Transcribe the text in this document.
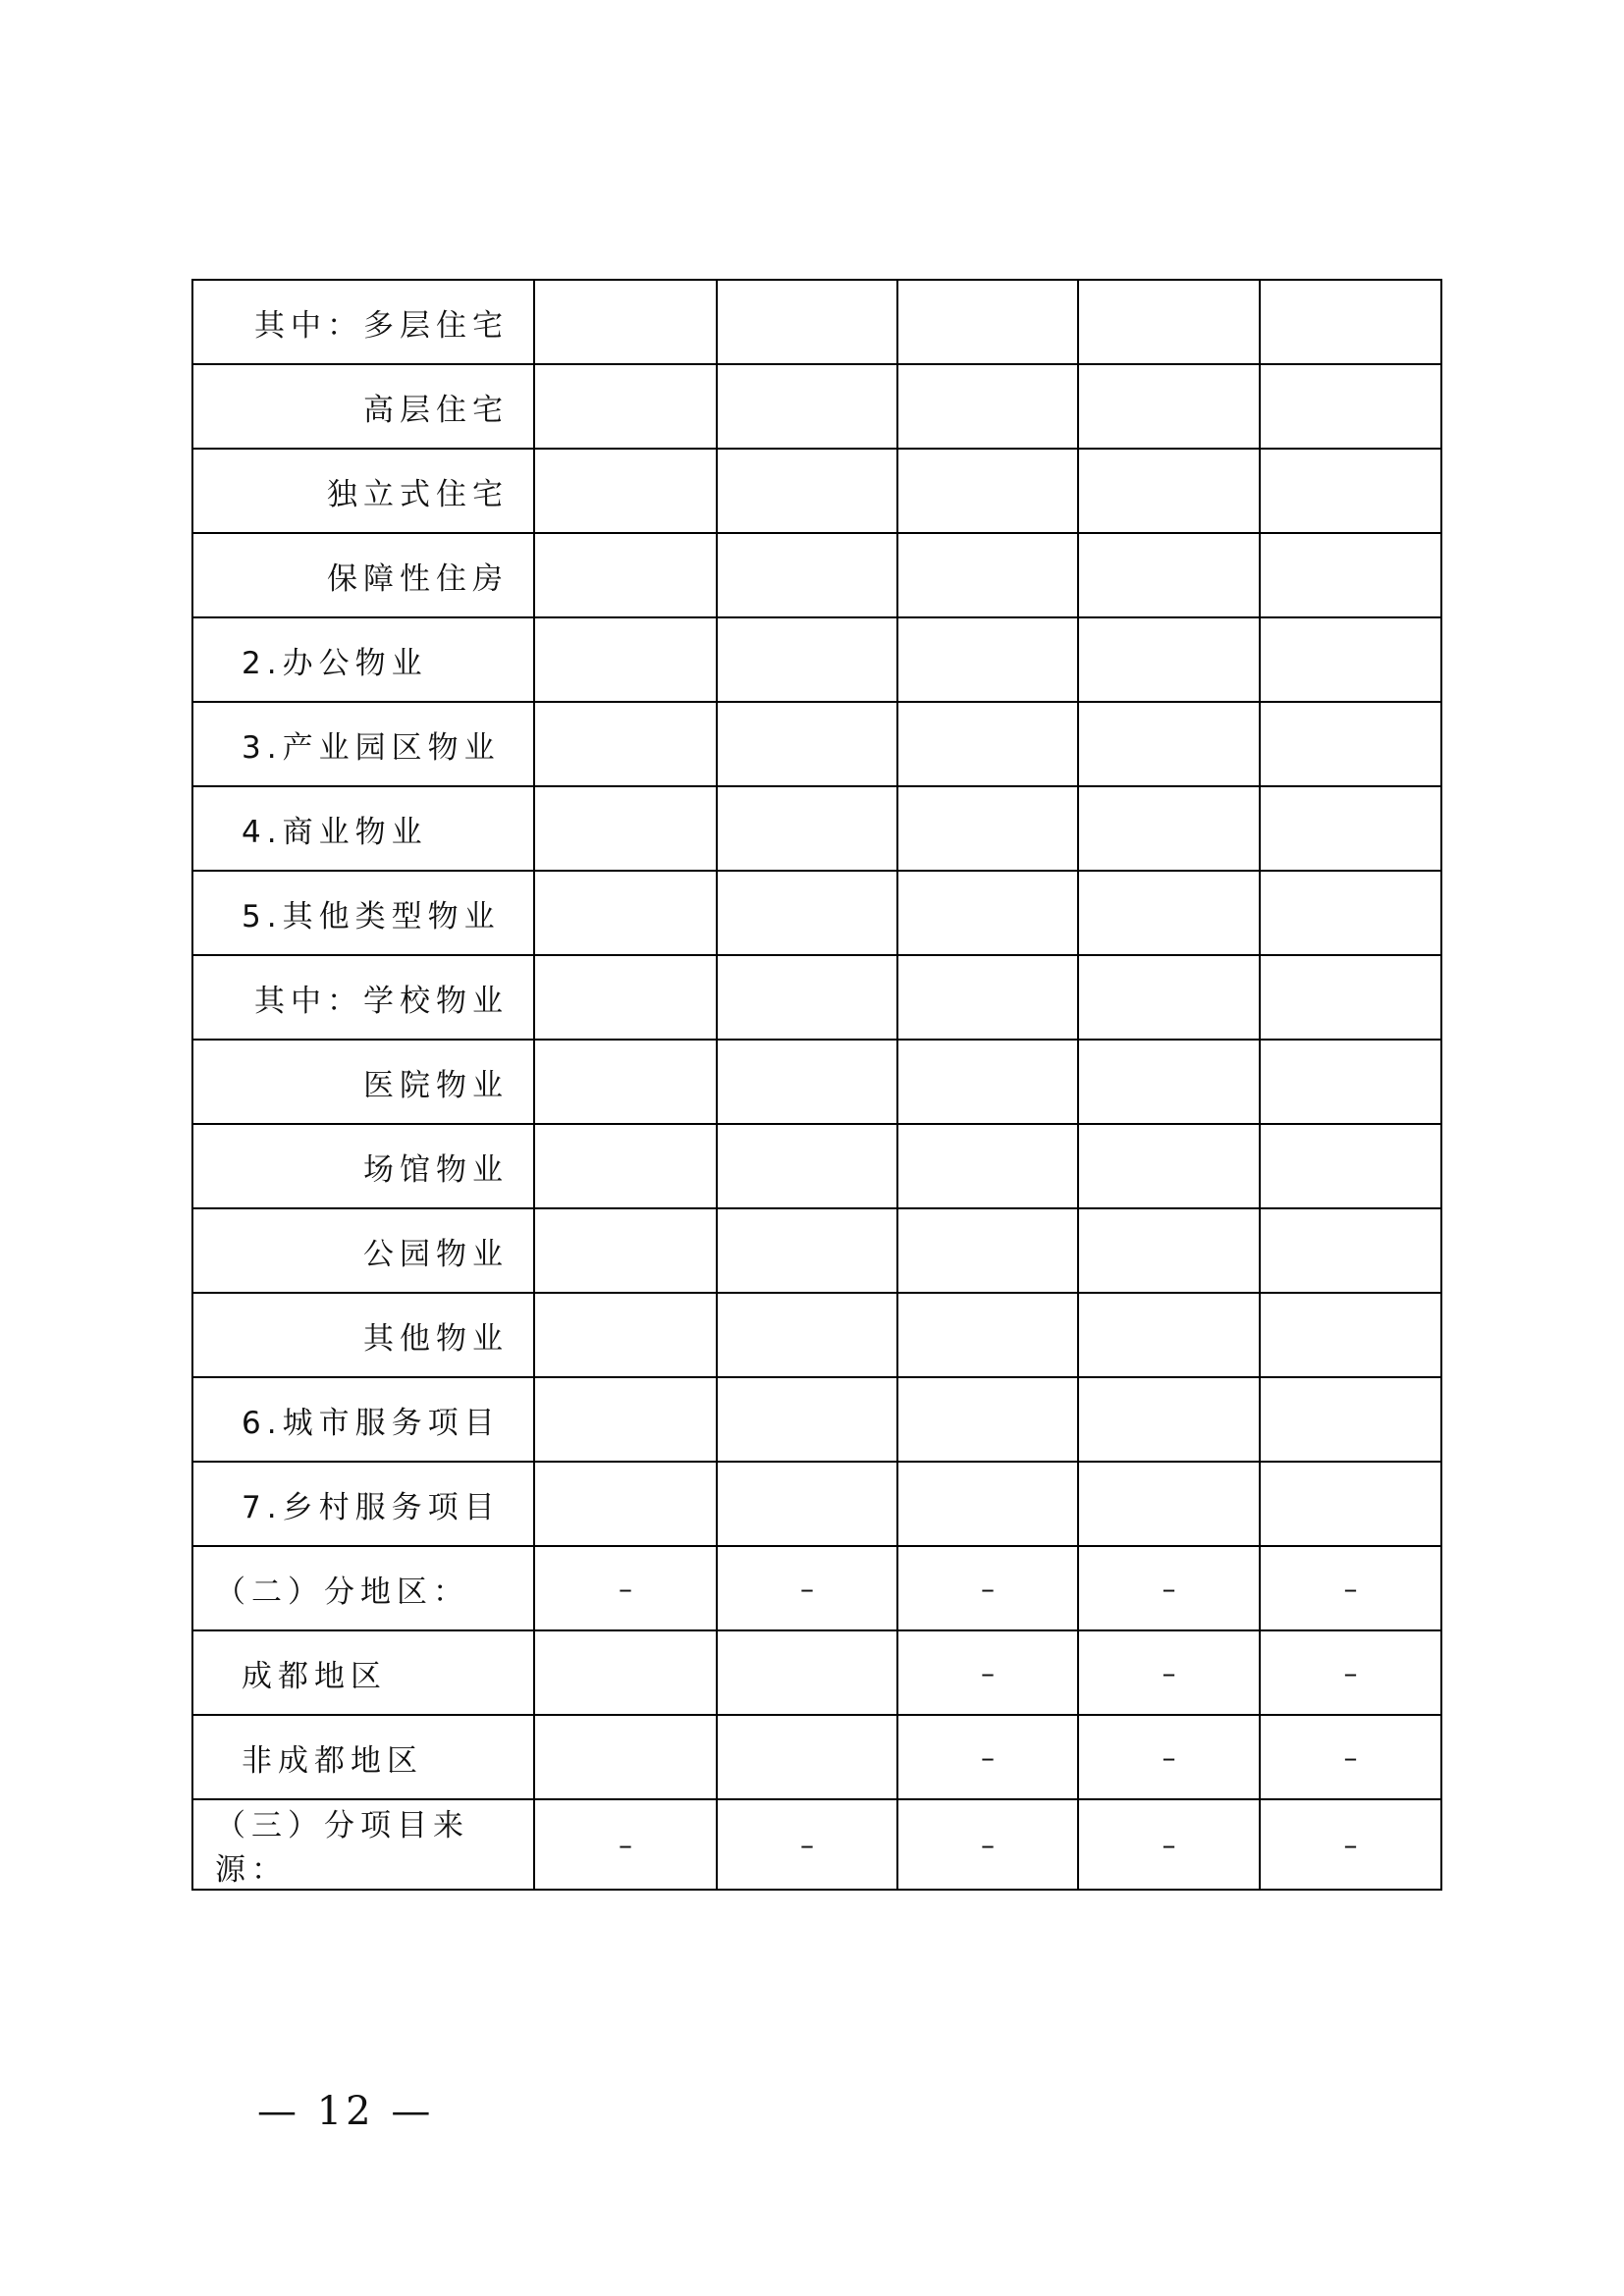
其中：多层住宅					
高层住宅					
独立式住宅					
保障性住房					
2.办公物业					
3.产业园区物业					
4.商业物业					
5.其他类型物业					
其中：学校物业					
医院物业					
场馆物业					
公园物业					
其他物业					
6.城市服务项目					
7.乡村服务项目					
（二）分地区：	–	–	–	–	–
成都地区			–	–	–
非成都地区			–	–	–
（三）分项目来源：	–	–	–	–	–
— 12 —
